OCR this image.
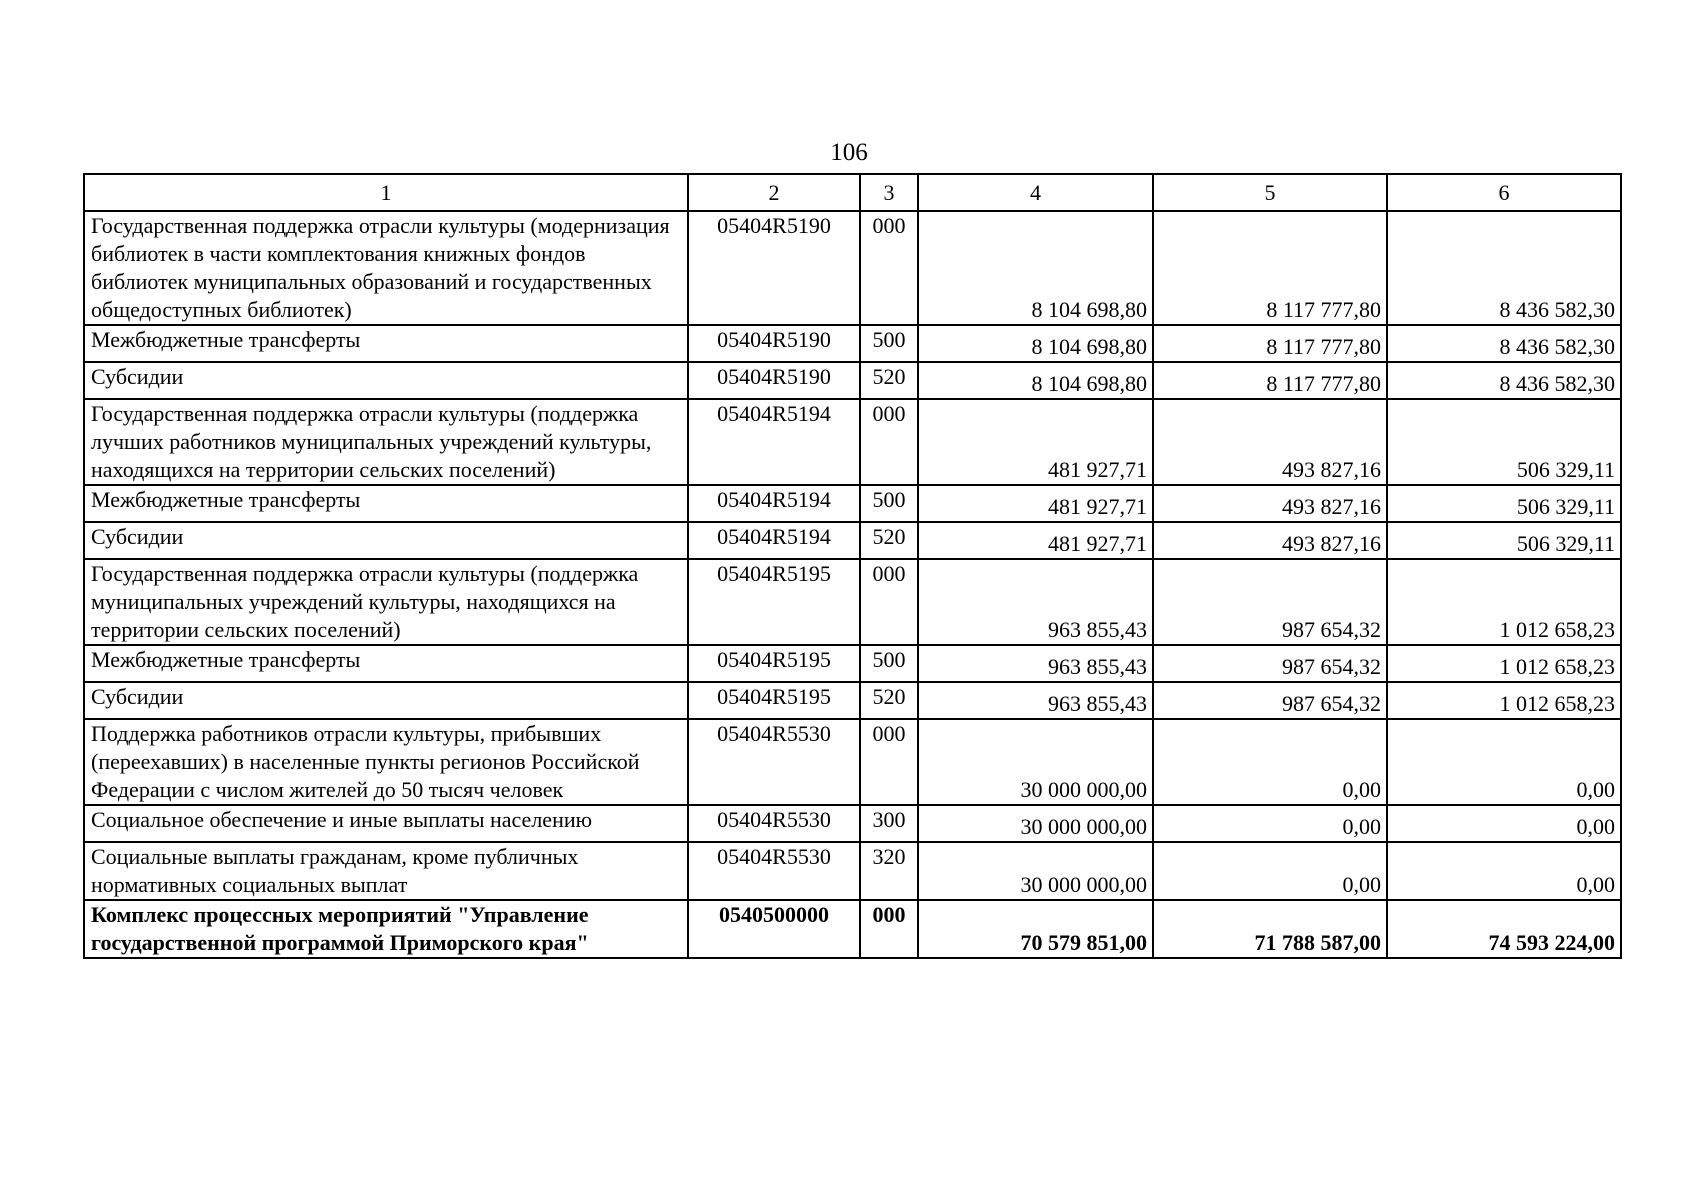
106
1	2	3	4	5	6
Государственная поддержка отрасли культуры (модернизация библиотек в части комплектования книжных фондов библиотек муниципальных образований и государственных общедоступных библиотек)	05404R5190	000	8 104 698,80	8 117 777,80	8 436 582,30
Межбюджетные трансферты	05404R5190	500	8 104 698,80	8 117 777,80	8 436 582,30
Субсидии	05404R5190	520	8 104 698,80	8 117 777,80	8 436 582,30
Государственная поддержка отрасли культуры (поддержка лучших работников муниципальных учреждений культуры, находящихся на территории сельских поселений)	05404R5194	000	481 927,71	493 827,16	506 329,11
Межбюджетные трансферты	05404R5194	500	481 927,71	493 827,16	506 329,11
Субсидии	05404R5194	520	481 927,71	493 827,16	506 329,11
Государственная поддержка отрасли культуры (поддержка муниципальных учреждений культуры, находящихся на территории сельских поселений)	05404R5195	000	963 855,43	987 654,32	1 012 658,23
Межбюджетные трансферты	05404R5195	500	963 855,43	987 654,32	1 012 658,23
Субсидии	05404R5195	520	963 855,43	987 654,32	1 012 658,23
Поддержка работников отрасли культуры, прибывших (переехавших) в населенные пункты регионов Российской Федерации с числом жителей до 50 тысяч человек	05404R5530	000	30 000 000,00	0,00	0,00
Социальное обеспечение и иные выплаты населению	05404R5530	300	30 000 000,00	0,00	0,00
Социальные выплаты гражданам, кроме публичных нормативных социальных выплат	05404R5530	320	30 000 000,00	0,00	0,00
Комплекс процессных мероприятий "Управление государственной программой Приморского края"	0540500000	000	70 579 851,00	71 788 587,00	74 593 224,00
